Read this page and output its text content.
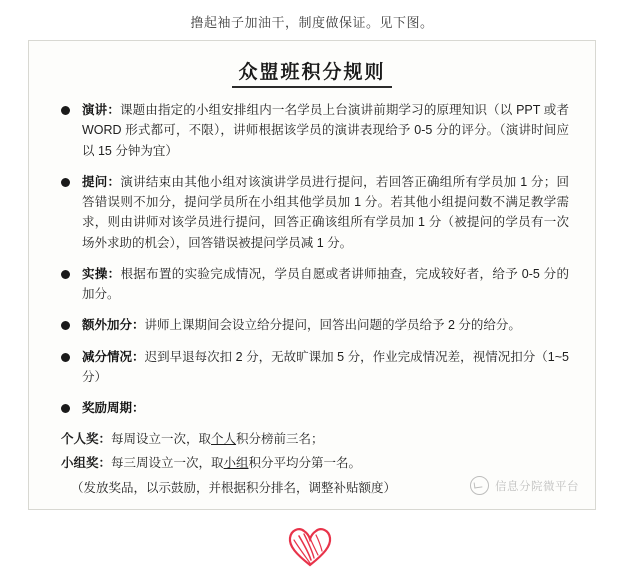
撸起袖子加油干，制度做保证。见下图。
众盟班积分规则
演讲：课题由指定的小组安排组内一名学员上台演讲前期学习的原理知识（以 PPT 或者 WORD 形式都可，不限），讲师根据该学员的演讲表现给予 0-5 分的评分。（演讲时间应以 15 分钟为宜）
提问：演讲结束由其他小组对该演讲学员进行提问，若回答正确组所有学员加 1 分；回答错误则不加分，提问学员所在小组其他学员加 1 分。若其他小组提问数不满足教学需求，则由讲师对该学员进行提问，回答正确该组所有学员加 1 分（被提问的学员有一次场外求助的机会），回答错误被提问学员减 1 分。
实操：根据布置的实验完成情况，学员自愿或者讲师抽查，完成较好者，给予 0-5 分的加分。
额外加分：讲师上课期间会设立给分提问，回答出问题的学员给予 2 分的给分。
减分情况：迟到早退每次扣 2 分，无故旷课加 5 分，作业完成情况差，视情况扣分（1~5 分）
奖励周期：
个人奖：每周设立一次，取个人积分榜前三名；
小组奖：每三周设立一次，取小组积分平均分第一名。
（发放奖品，以示鼓励，并根据积分排名，调整补贴额度）	信息分院微平台
